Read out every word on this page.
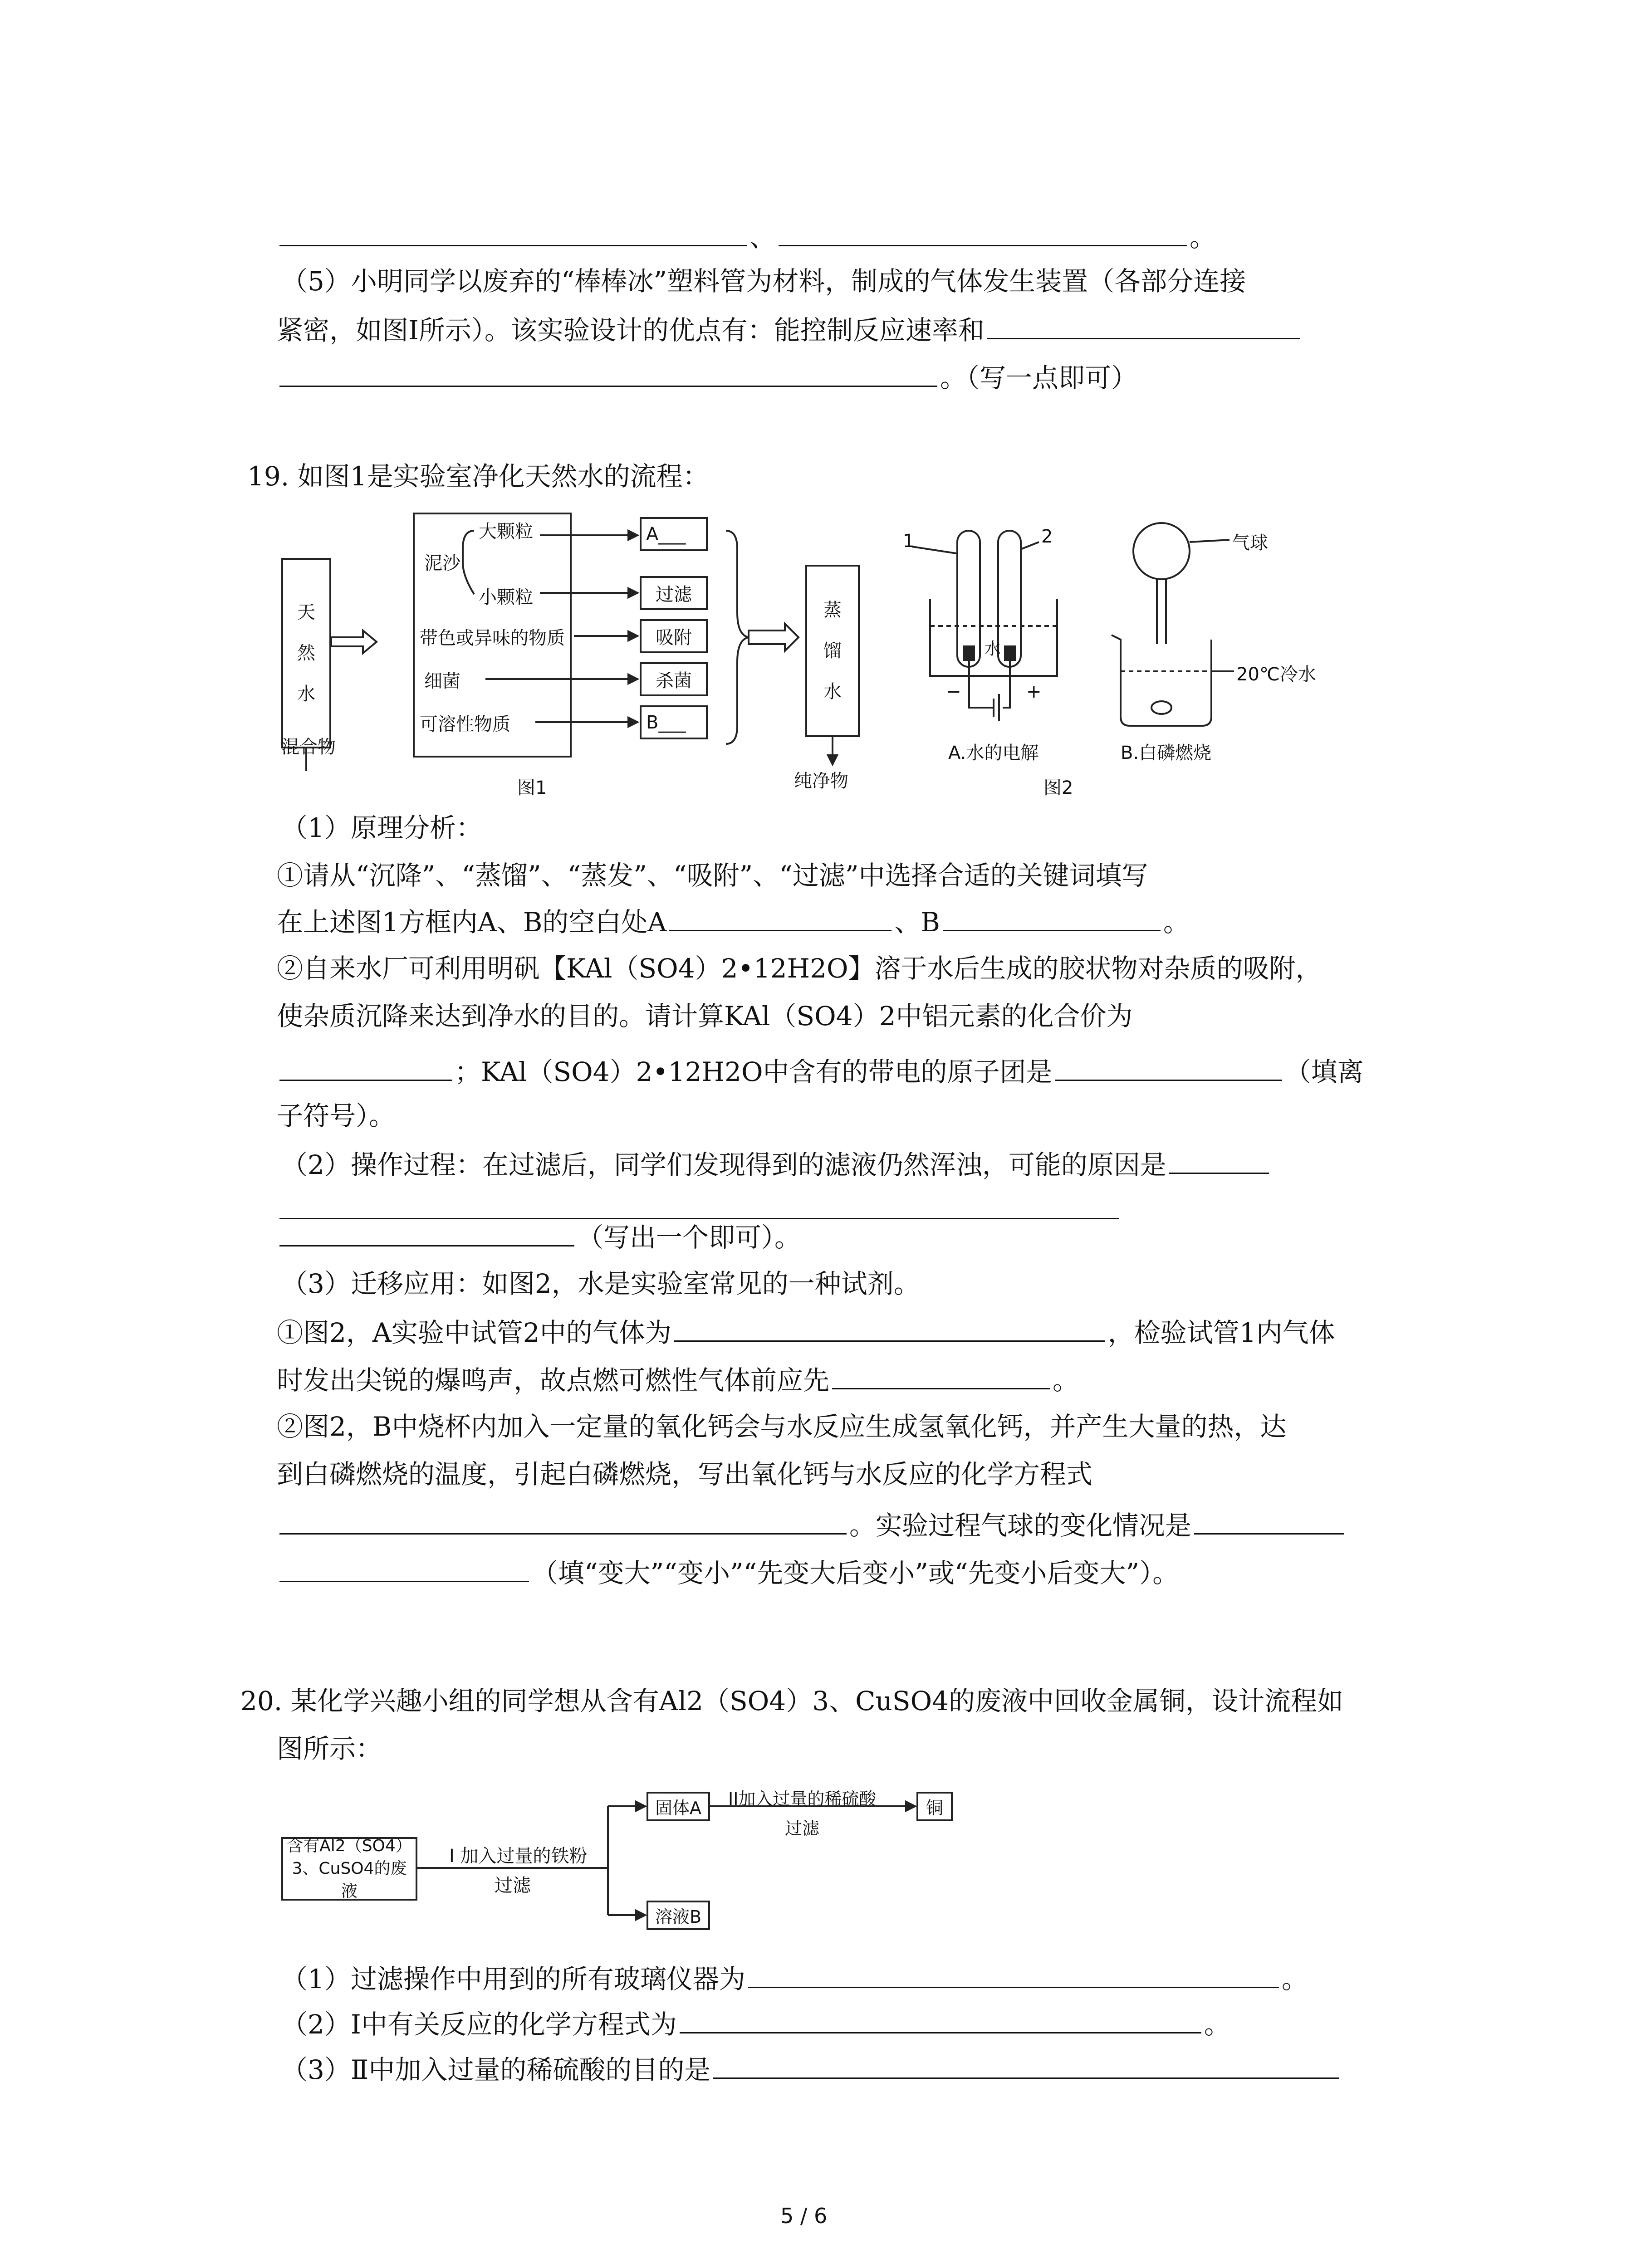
、	。
（5）小明同学以废弃的“棒棒冰”塑料管为材料，制成的气体发生装置（各部分连接
紧密，如图I所示）。该实验设计的优点有：能控制反应速率和
。（写一点即可）
19. 如图1是实验室净化天然水的流程：
天然水
混合物
泥沙
大颗粒
小颗粒
带色或异味的物质
细菌
可溶性物质
A___
过滤
吸附
杀菌
B___
蒸馏水
纯净物
图1
1	2
水
−	+
A.水的电解
气球
20℃冷水
B.白磷燃烧
图2
（1）原理分析：
①请从“沉降”、“蒸馏”、“蒸发”、“吸附”、“过滤”中选择合适的关键词填写
在上述图1方框内A、B的空白处A	、B	。
②自来水厂可利用明矾【KAl（SO4）2•12H2O】溶于水后生成的胶状物对杂质的吸附，
使杂质沉降来达到净水的目的。请计算KAl（SO4）2中铝元素的化合价为
；KAl（SO4）2•12H2O中含有的带电的原子团是	（填离
子符号）。
（2）操作过程：在过滤后，同学们发现得到的滤液仍然浑浊，可能的原因是
（写出一个即可）。
（3）迁移应用：如图2，水是实验室常见的一种试剂。
①图2，A实验中试管2中的气体为	，检验试管1内气体
时发出尖锐的爆鸣声，故点燃可燃性气体前应先	。
②图2，B中烧杯内加入一定量的氧化钙会与水反应生成氢氧化钙，并产生大量的热，达
到白磷燃烧的温度，引起白磷燃烧，写出氧化钙与水反应的化学方程式
。实验过程气球的变化情况是
（填“变大”“变小”“先变大后变小”或“先变小后变大”）。
20. 某化学兴趣小组的同学想从含有Al2（SO4）3、CuSO4的废液中回收金属铜，设计流程如
图所示：
含有Al2（SO4）3、CuSO4的废液
I 加入过量的铁粉
过滤
固体A	II加入过量的稀硫酸
过滤
铜
溶液B
（1）过滤操作中用到的所有玻璃仪器为	。
（2）Ⅰ中有关反应的化学方程式为	。
（3）Ⅱ中加入过量的稀硫酸的目的是
5 / 6
